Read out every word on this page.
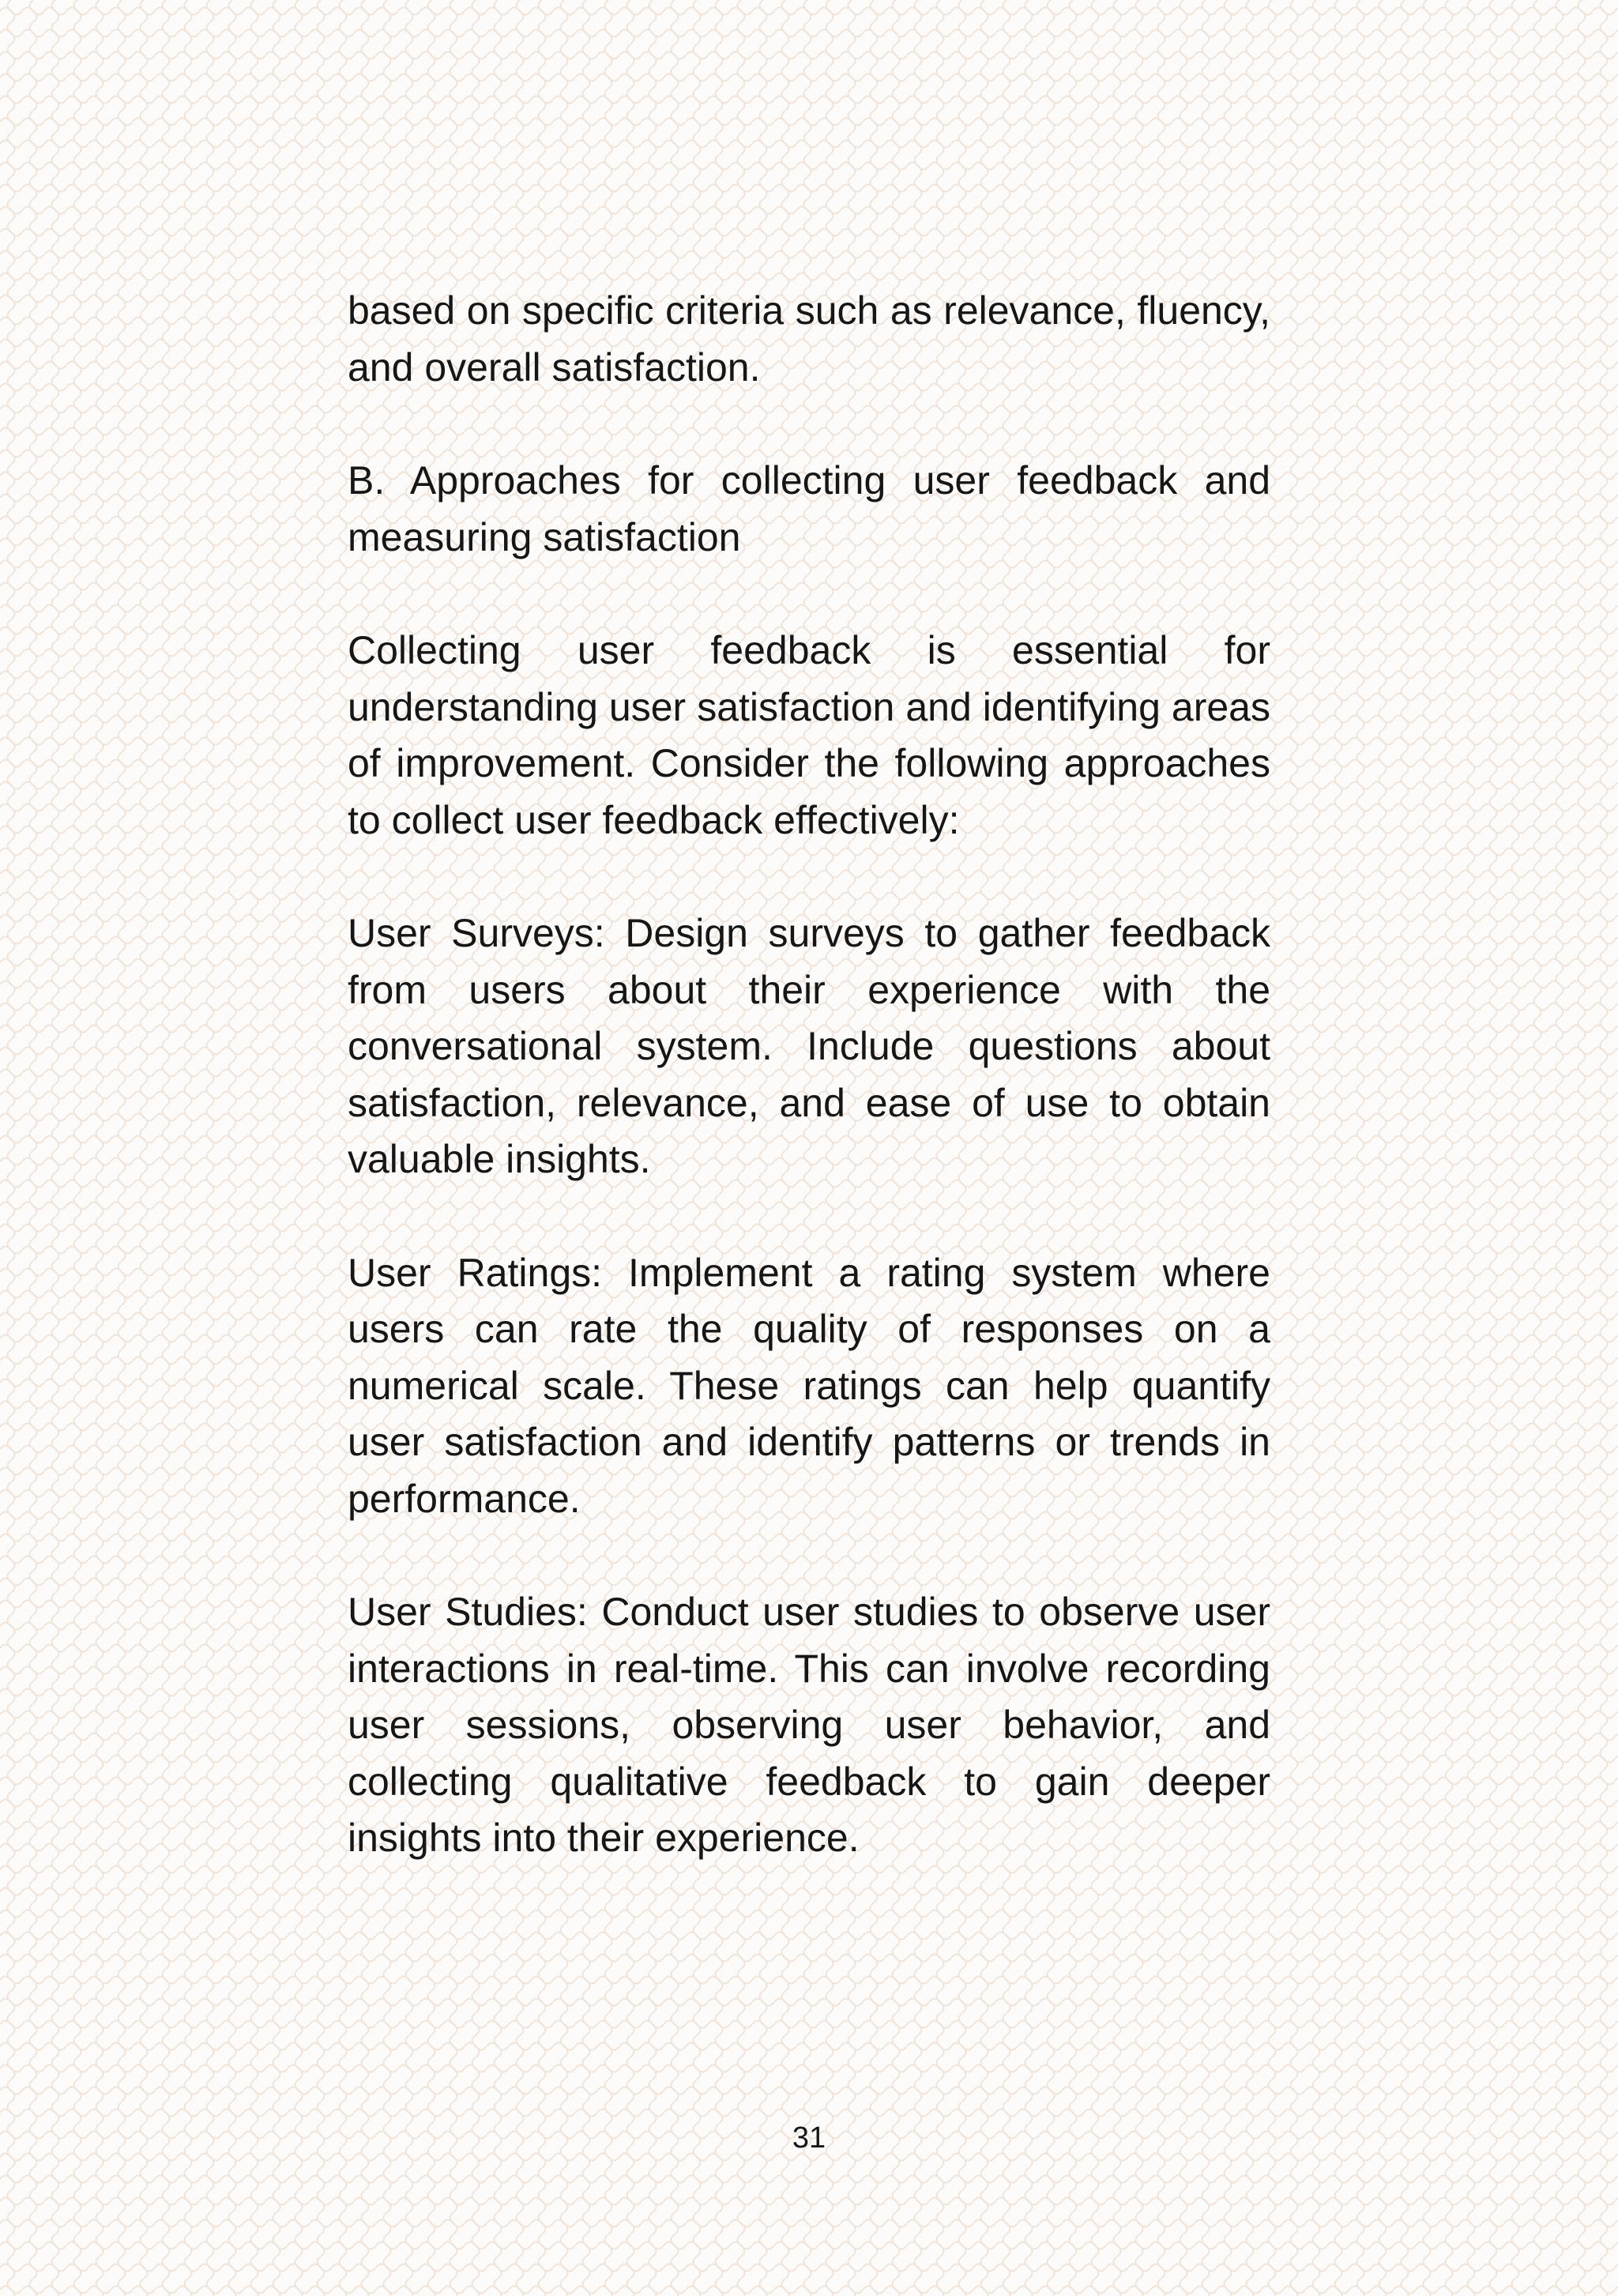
based on specific criteria such as relevance, fluency, and overall satisfaction.

B. Approaches for collecting user feedback and measuring satisfaction

Collecting user feedback is essential for understanding user satisfaction and identifying areas of improvement. Consider the following approaches to collect user feedback effectively:

User Surveys: Design surveys to gather feedback from users about their experience with the conversational system. Include questions about satisfaction, relevance, and ease of use to obtain valuable insights.

User Ratings: Implement a rating system where users can rate the quality of responses on a numerical scale. These ratings can help quantify user satisfaction and identify patterns or trends in performance.

User Studies: Conduct user studies to observe user interactions in real-time. This can involve recording user sessions, observing user behavior, and collecting qualitative feedback to gain deeper insights into their experience.

31
